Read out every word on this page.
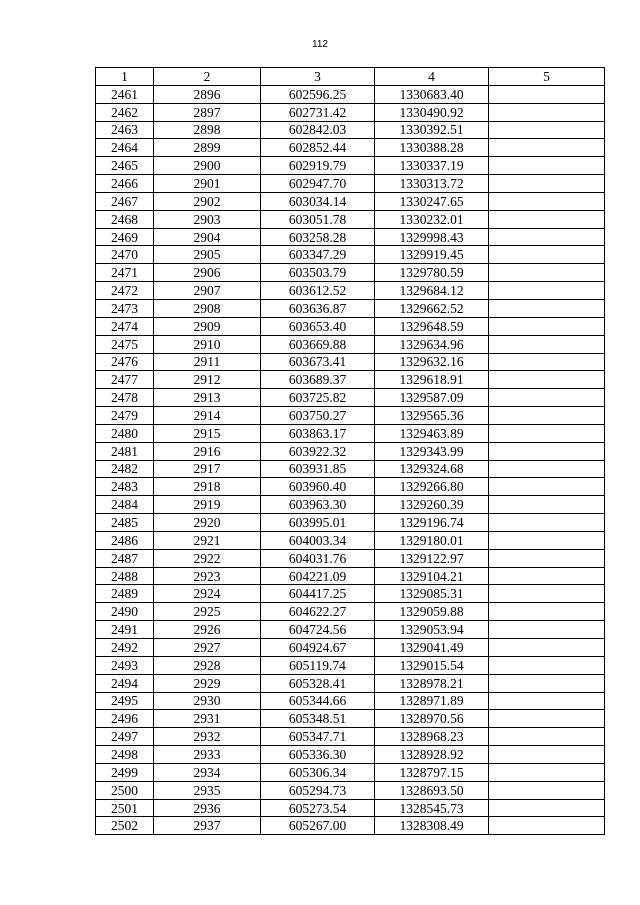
112
1	2	3	4	5
2461	2896	602596.25	1330683.40	
2462	2897	602731.42	1330490.92	
2463	2898	602842.03	1330392.51	
2464	2899	602852.44	1330388.28	
2465	2900	602919.79	1330337.19	
2466	2901	602947.70	1330313.72	
2467	2902	603034.14	1330247.65	
2468	2903	603051.78	1330232.01	
2469	2904	603258.28	1329998.43	
2470	2905	603347.29	1329919.45	
2471	2906	603503.79	1329780.59	
2472	2907	603612.52	1329684.12	
2473	2908	603636.87	1329662.52	
2474	2909	603653.40	1329648.59	
2475	2910	603669.88	1329634.96	
2476	2911	603673.41	1329632.16	
2477	2912	603689.37	1329618.91	
2478	2913	603725.82	1329587.09	
2479	2914	603750.27	1329565.36	
2480	2915	603863.17	1329463.89	
2481	2916	603922.32	1329343.99	
2482	2917	603931.85	1329324.68	
2483	2918	603960.40	1329266.80	
2484	2919	603963.30	1329260.39	
2485	2920	603995.01	1329196.74	
2486	2921	604003.34	1329180.01	
2487	2922	604031.76	1329122.97	
2488	2923	604221.09	1329104.21	
2489	2924	604417.25	1329085.31	
2490	2925	604622.27	1329059.88	
2491	2926	604724.56	1329053.94	
2492	2927	604924.67	1329041.49	
2493	2928	605119.74	1329015.54	
2494	2929	605328.41	1328978.21	
2495	2930	605344.66	1328971.89	
2496	2931	605348.51	1328970.56	
2497	2932	605347.71	1328968.23	
2498	2933	605336.30	1328928.92	
2499	2934	605306.34	1328797.15	
2500	2935	605294.73	1328693.50	
2501	2936	605273.54	1328545.73	
2502	2937	605267.00	1328308.49	
